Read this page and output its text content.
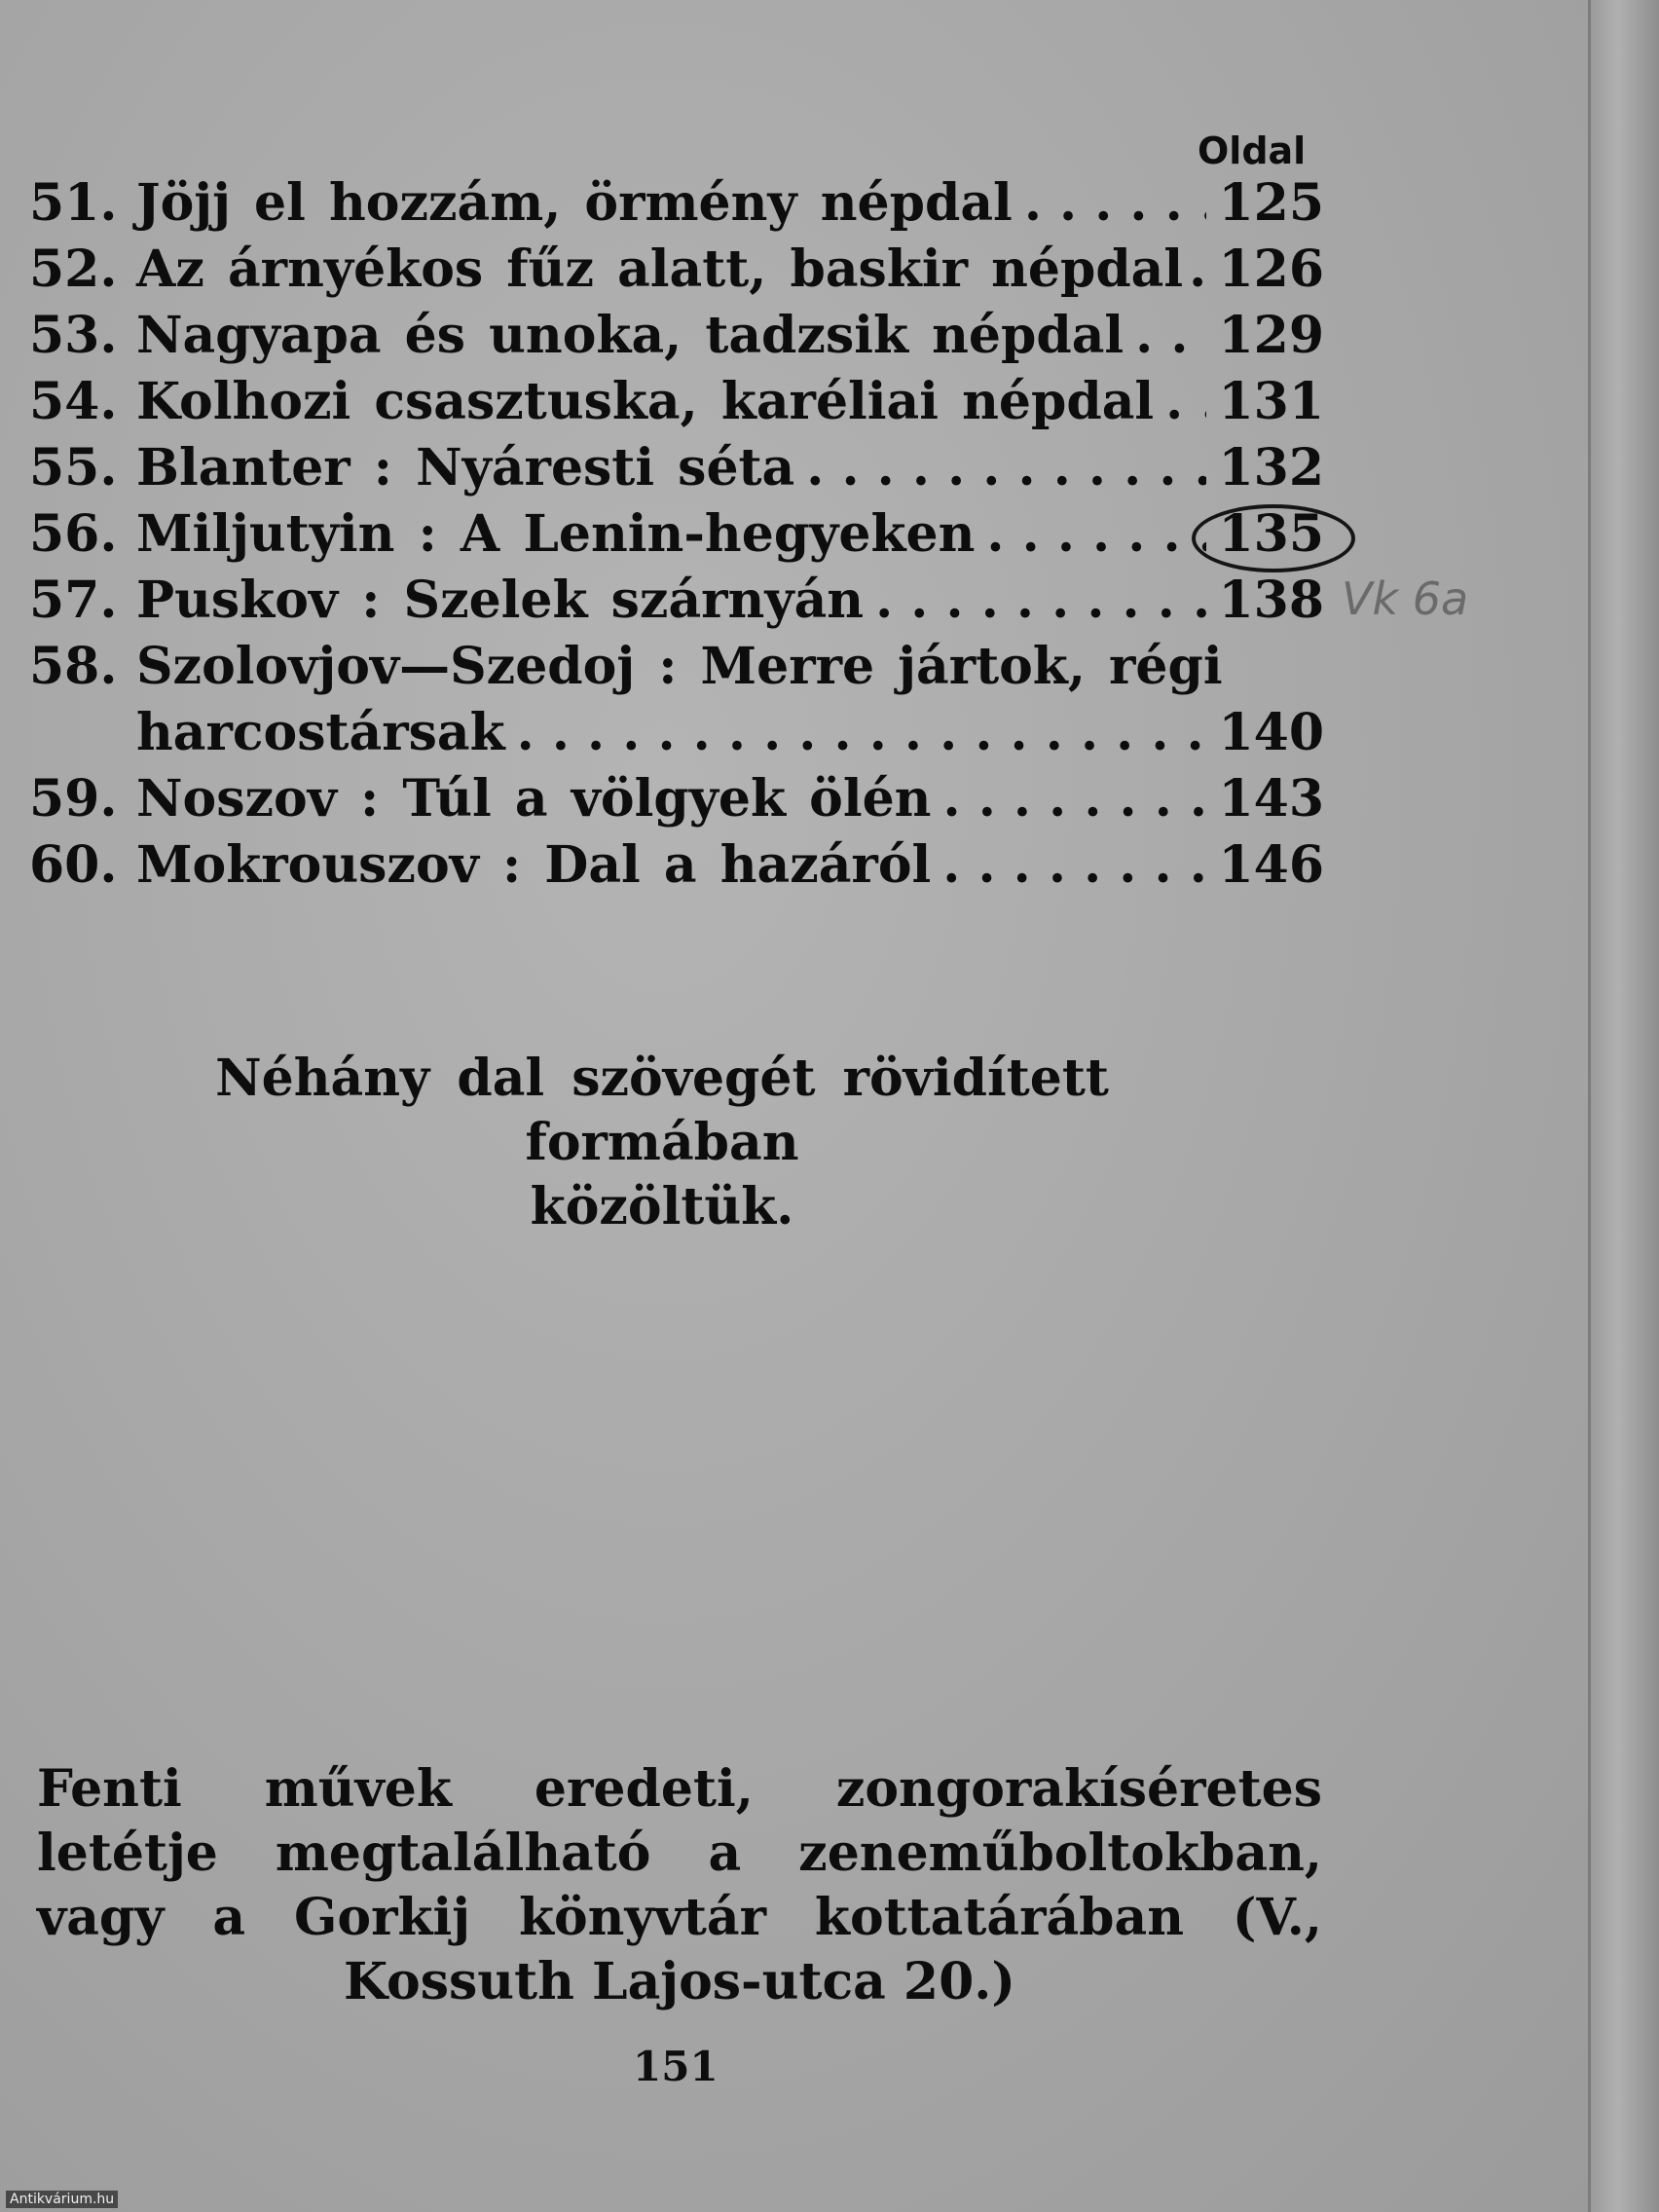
Oldal
51. Jöjj el hozzám, örmény népdal . . .	125
52. Az árnyékos fűz alatt, baskir népdal . . . 126
53. Nagyapa és unoka, tadzsik népdal . . . 129
54. Kolhozi csasztuska, karéliai népdal . . . 131
55. Blanter : Nyáresti séta . . .	132
56. Miljutyin : A Lenin-hegyeken . . .	135
57. Puskov : Szelek szárnyán . . .	138
58. Szolovjov—Szedoj : Merre jártok, régi
harcostársak . . .	140
59. Noszov : Túl a völgyek ölén . . .	143
60. Mokrouszov : Dal a hazáról . . .	146
Vk 6a
Néhány dal szövegét rövidített formában
közöltük.
Fenti művek eredeti, zongorakíséretes letétje megtalálható a zeneműboltokban, vagy a Gorkij könyvtár kottatárában (V., Kossuth Lajos-utca 20.)
151
Antikvárium.hu
